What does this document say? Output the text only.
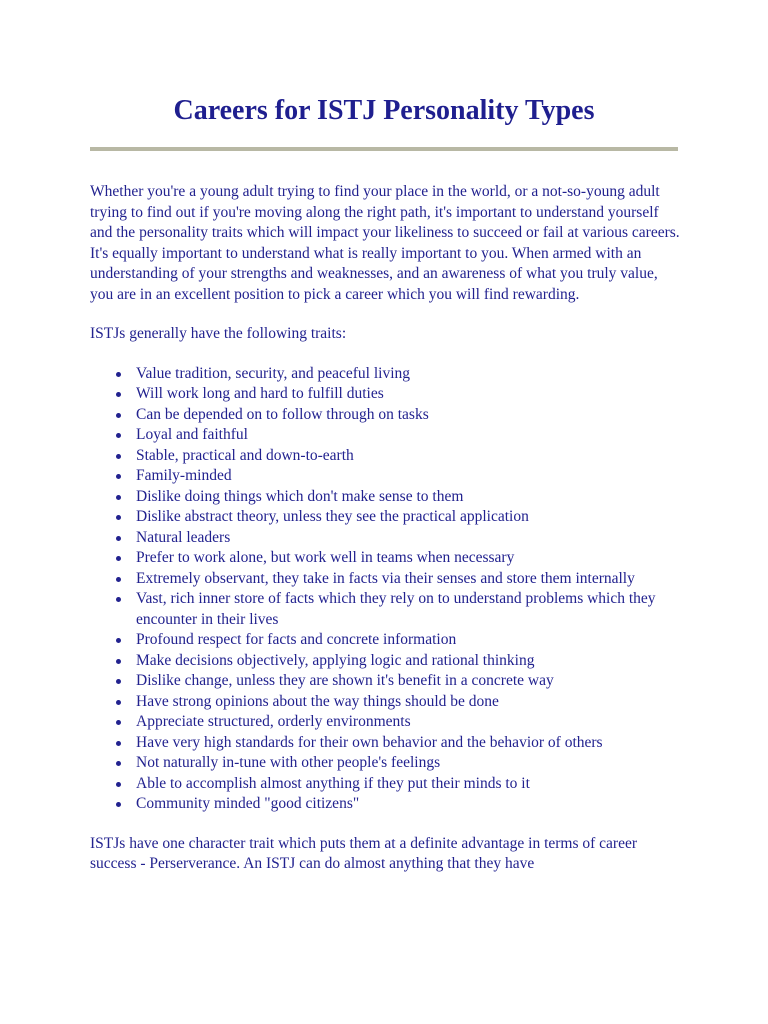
Careers for ISTJ Personality Types

Whether you're a young adult trying to find your place in the world, or a not-so-young adult trying to find out if you're moving along the right path, it's important to understand yourself and the personality traits which will impact your likeliness to succeed or fail at various careers. It's equally important to understand what is really important to you. When armed with an understanding of your strengths and weaknesses, and an awareness of what you truly value, you are in an excellent position to pick a career which you will find rewarding.

ISTJs generally have the following traits:

Value tradition, security, and peaceful living
Will work long and hard to fulfill duties
Can be depended on to follow through on tasks
Loyal and faithful
Stable, practical and down-to-earth
Family-minded
Dislike doing things which don't make sense to them
Dislike abstract theory, unless they see the practical application
Natural leaders
Prefer to work alone, but work well in teams when necessary
Extremely observant, they take in facts via their senses and store them internally
Vast, rich inner store of facts which they rely on to understand problems which they encounter in their lives
Profound respect for facts and concrete information
Make decisions objectively, applying logic and rational thinking
Dislike change, unless they are shown it's benefit in a concrete way
Have strong opinions about the way things should be done
Appreciate structured, orderly environments
Have very high standards for their own behavior and the behavior of others
Not naturally in-tune with other people's feelings
Able to accomplish almost anything if they put their minds to it
Community minded "good citizens"

ISTJs have one character trait which puts them at a definite advantage in terms of career success - Perserverance. An ISTJ can do almost anything that they have
